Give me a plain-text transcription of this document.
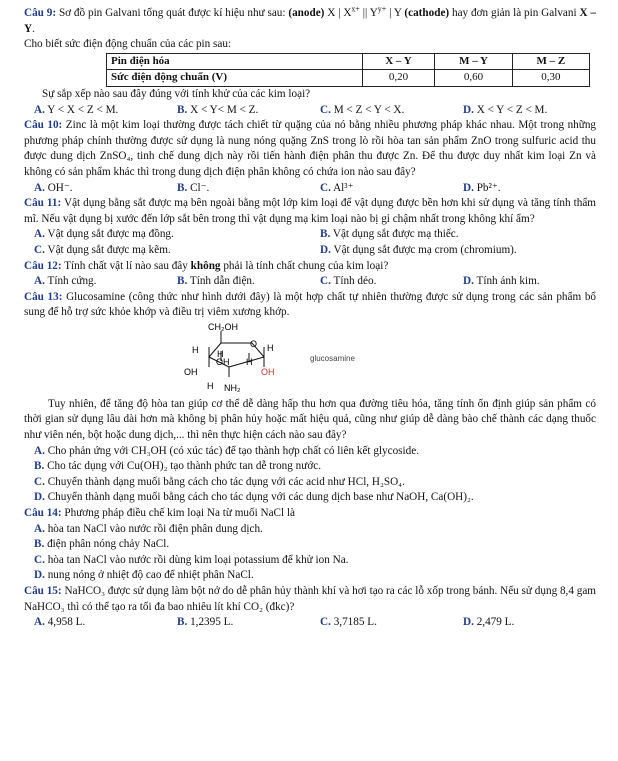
Câu 9: Sơ đồ pin Galvani tổng quát được kí hiệu như sau: (anode) X | $X^{x+}$ || $Y^{y+}$ | Y (cathode) hay đơn giản là pin Galvani X – Y.

Cho biết sức điện động chuẩn của các pin sau:

Pin điện hóa	X – Y	M – Y	M – Z
Sức điện động chuẩn (V)	0,20	0,60	0,30

Sự sắp xếp nào sau đây đúng với tính khử của các kim loại?

A. Y < X < Z < M.	B. X < Y< M < Z.	C. M < Z < Y < X.	D. X < Y < Z < M.

Câu 10: Zinc là một kim loại thường được tách chiết từ quặng của nó bằng nhiều phương pháp khác nhau. Một trong những phương pháp chính thường được sử dụng là nung nóng quặng ZnS trong lò rồi hòa tan sản phẩm ZnO trong sulfuric acid thu được dung dịch ZnSO₄, tinh chế dung dịch này rồi tiến hành điện phân thu được Zn. Để thu được duy nhất kim loại Zn và không có sản phẩm khác thì trong dung dịch điện phân không có chứa ion nào sau đây?

A. OH⁻.	B. Cl⁻.	C. Al³⁺	D. Pb²⁺.

Câu 11: Vật dụng bằng sắt được mạ bên ngoài bằng một lớp kim loại để vật dụng được bền hơn khi sử dụng và tăng tính thẩm mĩ. Nếu vật dụng bị xước đến lớp sắt bên trong thì vật dụng mạ kim loại nào bị gỉ chậm nhất trong không khí ẩm?

A. Vật dụng sắt được mạ đồng.	B. Vật dụng sắt được mạ thiếc.
C. Vật dụng sắt được mạ kẽm.	D. Vật dụng sắt được mạ crom (chromium).

Câu 12: Tính chất vật lí nào sau đây không phải là tính chất chung của kim loại?

A. Tính cứng.	B. Tính dẫn điện.	C. Tính dẻo.	D. Tính ánh kim.

Câu 13: Glucosamine (công thức như hình dưới đây) là một hợp chất tự nhiên thường được sử dụng trong các sản phẩm bổ sung để hỗ trợ sức khỏe khớp và điều trị viêm xương khớp.

CH₂OH
O
H	H
H
OH H
OH	OH
H NH₂
glucosamine

Tuy nhiên, để tăng độ hòa tan giúp cơ thể dễ dàng hấp thu hơn qua đường tiêu hóa, tăng tính ổn định giúp sản phẩm có thời gian sử dụng lâu dài hơn mà không bị phân hủy hoặc mất hiệu quả, cũng như giúp dễ dàng bào chế thành các dạng thuốc như viên nén, bột hoặc dung dịch,... thì nên thực hiện cách nào sau đây?

A. Cho phản ứng với CH₃OH (có xúc tác) để tạo thành hợp chất có liên kết glycoside.
B. Cho tác dụng với Cu(OH)₂ tạo thành phức tan dễ trong nước.
C. Chuyển thành dạng muối bằng cách cho tác dụng với các acid như HCl, H₂SO₄.
D. Chuyển thành dạng muối bằng cách cho tác dụng với các dung dịch base như NaOH, Ca(OH)₂.

Câu 14: Phương pháp điều chế kim loại Na từ muối NaCl là

A. hòa tan NaCl vào nước rồi điện phân dung dịch.
B. điện phân nóng chảy NaCl.
C. hòa tan NaCl vào nước rồi dùng kim loại potassium để khử ion Na.
D. nung nóng ở nhiệt độ cao để nhiệt phân NaCl.

Câu 15: NaHCO₃ được sử dụng làm bột nở do dễ phân hủy thành khí và hơi tạo ra các lỗ xốp trong bánh. Nếu sử dụng 8,4 gam NaHCO₃ thì có thể tạo ra tối đa bao nhiêu lít khí CO₂ (đkc)?

A. 4,958 L.	B. 1,2395 L.	C. 3,7185 L.	D. 2,479 L.
